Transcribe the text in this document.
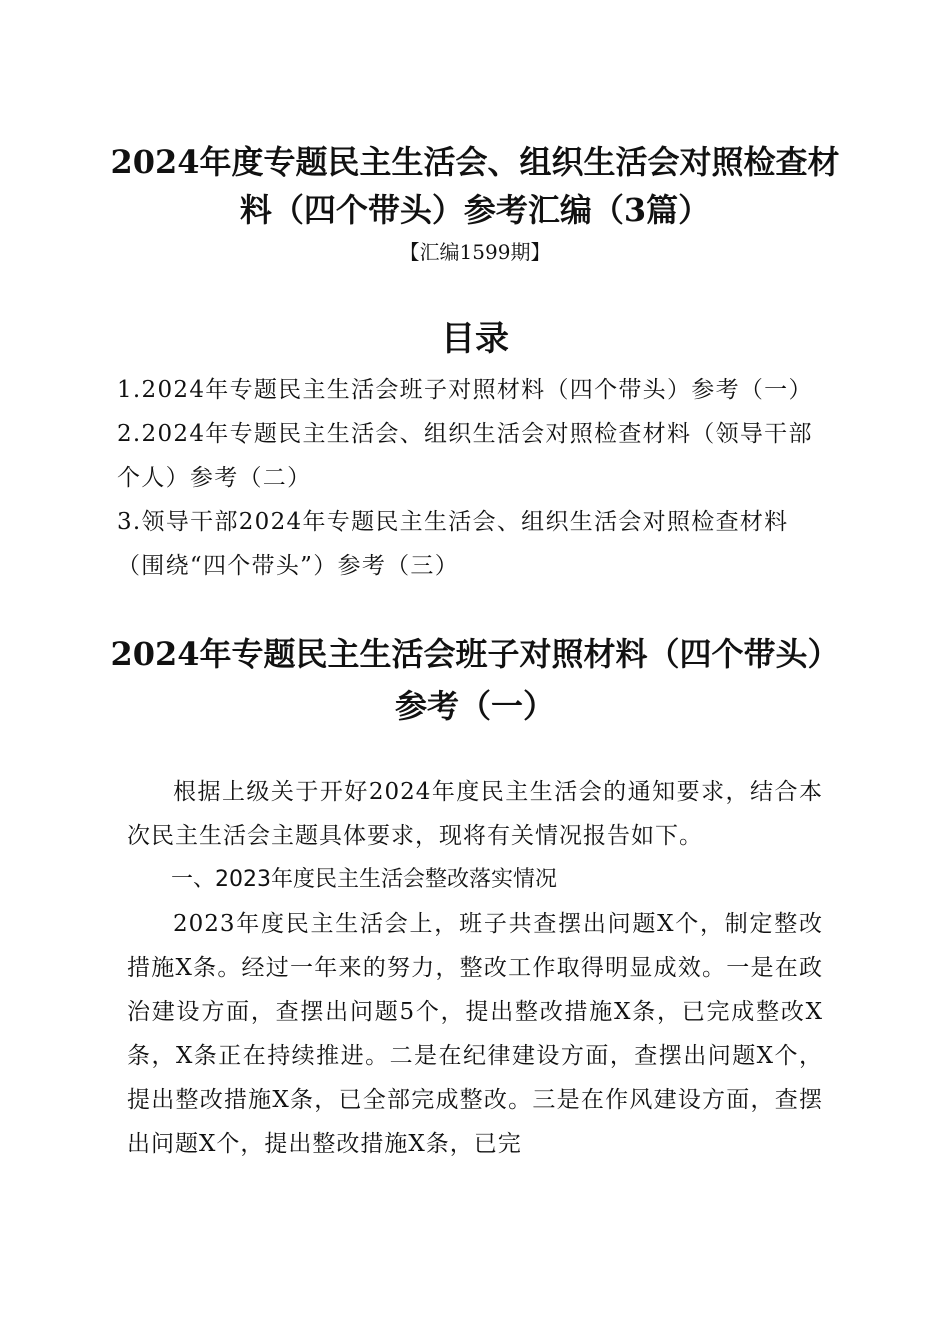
2024年度专题民主生活会、组织生活会对照检查材料（四个带头）参考汇编（3篇）

【汇编1599期】

目录
1.2024年专题民主生活会班子对照材料（四个带头）参考（一）
2.2024年专题民主生活会、组织生活会对照检查材料（领导干部个人）参考（二）
3.领导干部2024年专题民主生活会、组织生活会对照检查材料（围绕“四个带头”）参考（三）
2024年专题民主生活会班子对照材料（四个带头）参考（一）

根据上级关于开好2024年度民主生活会的通知要求，结合本次民主生活会主题具体要求，现将有关情况报告如下。

一、2023年度民主生活会整改落实情况

2023年度民主生活会上，班子共查摆出问题X个，制定整改措施X条。经过一年来的努力，整改工作取得明显成效。一是在政治建设方面，查摆出问题5个，提出整改措施X条，已完成整改X条，X条正在持续推进。二是在纪律建设方面，查摆出问题X个，提出整改措施X条，已全部完成整改。三是在作风建设方面，查摆出问题X个，提出整改措施X条，已完
